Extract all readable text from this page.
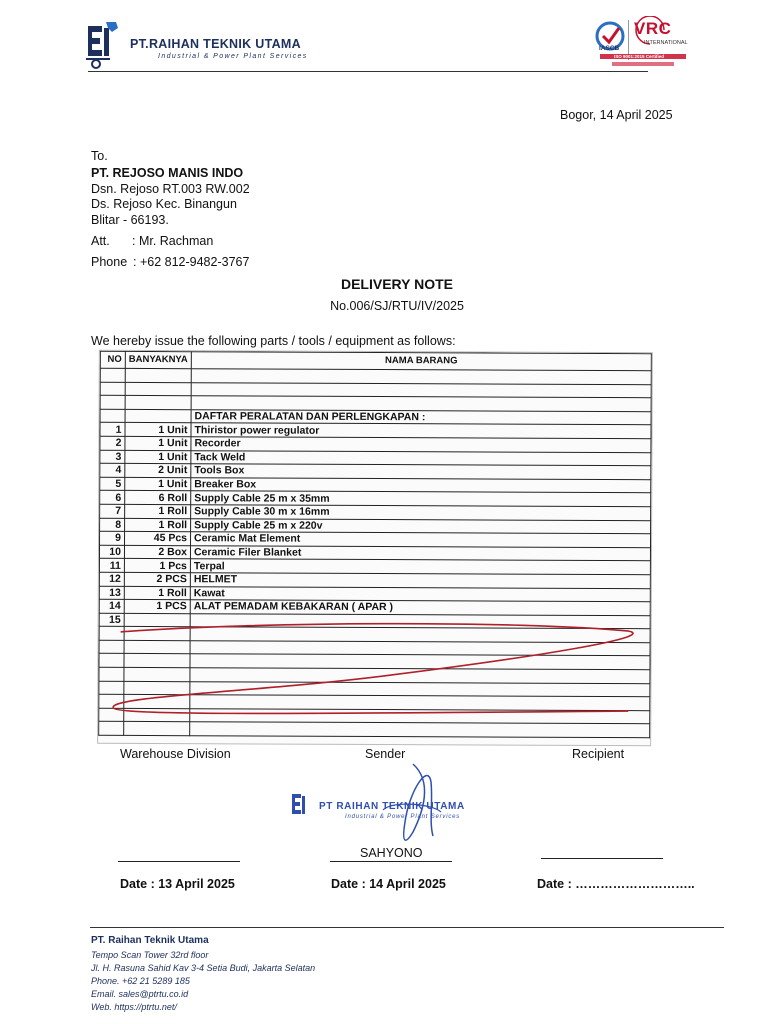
PT.RAIHAN TEKNIK UTAMA
Industrial & Power Plant Services
VRC
INTERNATIONAL
IASCB
ISO 9001:2015 Certified
Bogor, 14 April 2025
To.
PT. REJOSO MANIS INDO
Dsn. Rejoso RT.003 RW.002
Ds. Rejoso Kec. Binangun
Blitar - 66193.
Att. : Mr. Rachman
Phone : +62 812-9482-3767
DELIVERY NOTE
No.006/SJ/RTU/IV/2025
We hereby issue the following parts / tools / equipment as follows:
NO	BANYAKNYA	NAMA BARANG

		DAFTAR PERALATAN DAN PERLENGKAPAN :
1	1 Unit	Thiristor power regulator
2	1 Unit	Recorder
3	1 Unit	Tack Weld
4	2 Unit	Tools Box
5	1 Unit	Breaker Box
6	6 Roll	Supply Cable 25 m x 35mm
7	1 Roll	Supply Cable 30 m x 16mm
8	1 Roll	Supply Cable 25 m x 220v
9	45 Pcs	Ceramic Mat Element
10	2 Box	Ceramic Filer Blanket
11	1 Pcs	Terpal
12	2 PCS	HELMET
13	1 Roll	Kawat
14	1 PCS	ALAT PEMADAM KEBAKARAN ( APAR )
15		

Warehouse Division	Sender	Recipient
PT RAIHAN TEKNIK UTAMA
Industrial & Power Plant Services
SAHYONO
Date : 13 April 2025	Date : 14 April 2025	Date : ………………………..
PT. Raihan Teknik Utama
Tempo Scan Tower 32rd floor
Jl. H. Rasuna Sahid Kav 3-4 Setia Budi, Jakarta Selatan
Phone. +62 21 5289 185
Email. sales@ptrtu.co.id
Web. https://ptrtu.net/
